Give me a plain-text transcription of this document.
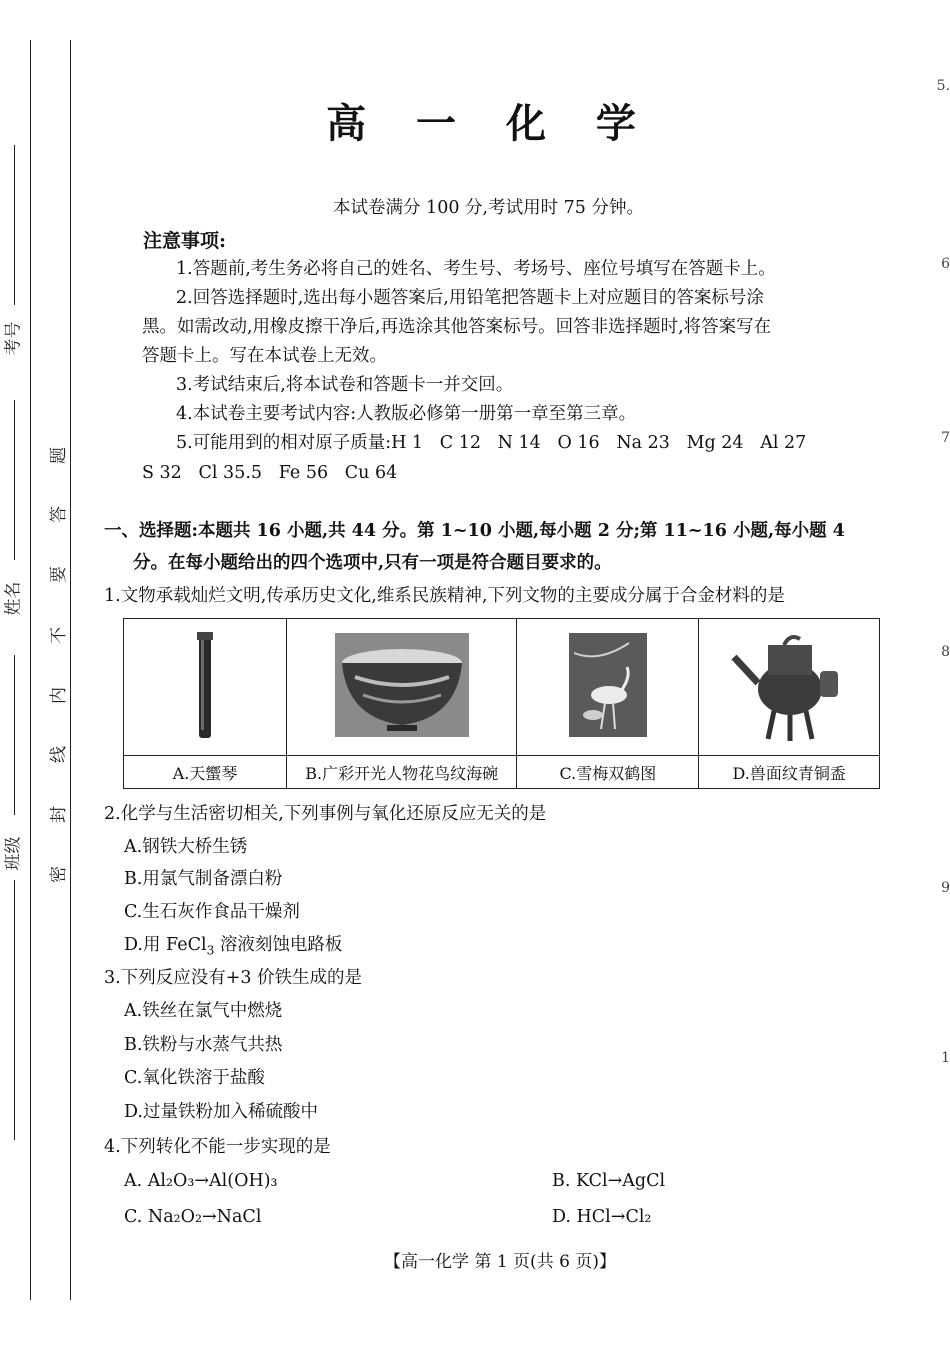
考号
姓名
班级
题
答
要
不
内
线
封
密
高 一 化 学
本试卷满分 100 分,考试用时 75 分钟。
注意事项:
1.答题前,考生务必将自己的姓名、考生号、考场号、座位号填写在答题卡上。
2.回答选择题时,选出每小题答案后,用铅笔把答题卡上对应题目的答案标号涂
黑。如需改动,用橡皮擦干净后,再选涂其他答案标号。回答非选择题时,将答案写在
答题卡上。写在本试卷上无效。
3.考试结束后,将本试卷和答题卡一并交回。
4.本试卷主要考试内容:人教版必修第一册第一章至第三章。
5.可能用到的相对原子质量:H 1   C 12   N 14   O 16   Na 23   Mg 24   Al 27
S 32   Cl 35.5   Fe 56   Cu 64
一、选择题:本题共 16 小题,共 44 分。第 1~10 小题,每小题 2 分;第 11~16 小题,每小题 4
分。在每小题给出的四个选项中,只有一项是符合题目要求的。
1.文物承载灿烂文明,传承历史文化,维系民族精神,下列文物的主要成分属于合金材料的是

A.天蠁琴	B.广彩开光人物花鸟纹海碗	C.雪梅双鹤图	D.兽面纹青铜盉
2.化学与生活密切相关,下列事例与氧化还原反应无关的是
A.钢铁大桥生锈
B.用氯气制备漂白粉
C.生石灰作食品干燥剂
D.用 FeCl$_3$ 溶液刻蚀电路板
3.下列反应没有+3 价铁生成的是
A.铁丝在氯气中燃烧
B.铁粉与水蒸气共热
C.氧化铁溶于盐酸
D.过量铁粉加入稀硫酸中
4.下列转化不能一步实现的是
A. Al₂O₃→Al(OH)₃	B. KCl→AgCl
C. Na₂O₂→NaCl	D. HCl→Cl₂
【高一化学 第 1 页(共 6 页)】
5.
6
7
8
9
1
